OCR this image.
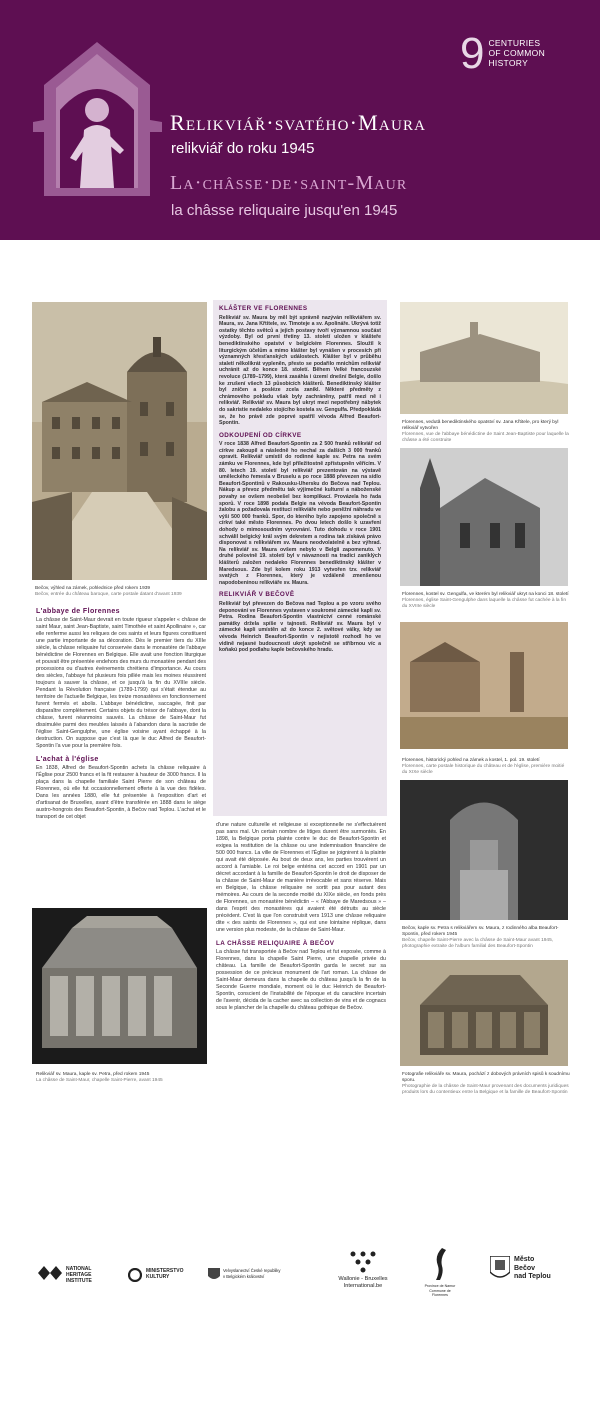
9 CENTURIES
OF COMMON
HISTORY
Relikviář·svatého·Maura
relikviář do roku 1945
La·châsse·de·saint-Maur
la châsse reliquaire jusqu'en 1945
Bečov, výhled na zámek, pohlednice před rokem 1939
Bečov, entrée du château baroque, carte postale datant d'avant 1939
L'abbaye de Florennes

La châsse de Saint-Maur devrait en toute rigueur s'appeler « châsse de saint Maur, saint Jean-Baptiste, saint Timothée et saint Apollinaire », car elle renferme aussi les reliques de ces saints et leurs figures constituent une partie importante de sa décoration. Dès le premier tiers du XIIIe siècle, la châsse reliquaire fut conservée dans le monastère de l'abbaye bénédictine de Florennes en Belgique. Elle avait une fonction liturgique et pouvait être présentée endehors des murs du monastère pendant des processions ou d'autres événements chrétiens d'importance. Au cours des siècles, l'abbaye fut plusieurs fois pillée mais les moines réussirent toujours à sauver la châsse, et ce jusqu'à la fin du XVIIIe siècle. Pendant la Révolution française (1789-1799) qui s'était étendue au territoire de l'actuelle Belgique, les treize monastères en fonctionnement furent fermés et abolis. L'abbaye bénédictine, saccagée, finit par disparaître complètement. Certains objets du trésor de l'abbaye, dont la châsse, furent néanmoins sauvés. La châsse de Saint-Maur fut dissimulée parmi des meubles laissés à l'abandon dans la sacristie de l'église Saint-Gengulphe, une église voisine ayant échappé à la destruction. On suppose que c'est là que le duc Alfred de Beaufort-Spontin l'a vue pour la première fois.

L'achat à l'église

En 1838, Alfred de Beaufort-Spontin achets la châsse reliquaire à l'Église pour 2500 francs et la fit restaurer à hauteur de 3000 francs. Il la plaça dans la chapelle familiale Saint Pierre de son château de Florennes, où elle fut occasionnellement offerte à la vue des fidèles. Dans les années 1880, elle fut présentée à l'exposition d'art et d'artisanat de Bruxelles, avant d'être transférée en 1888 dans le siège austro-hongrois des Beaufort-Spontin, à Bečov nad Teplou. L'achat et le transport de cet objet

Relikviář sv. Maura, kaple sv. Petra, před rokem 1945
La châsse de Saint-Maur, chapelle Saint-Pierre, avant 1945
KLÁŠTER VE FLORENNES

Relikviář sv. Maura by měl být správně nazýván relikviářem sv. Maura, sv. Jana Křtitele, sv. Timoteje a sv. Apolináře. Ukrývá totiž ostatky těchto světců a jejich postavy tvoří významnou součást výzdoby. Byl od první třetiny 13. století uložen v klášteře benediktinského opatství v belgickém Florennes. Sloužil k liturgickým účelům a mimo klášter byl vynášen v procesích při významných křesťanských událostech. Klášter byl v průběhu staletí několikrát vypleněn, přesto se podařilo mnichům relikviář uchránit až do konce 18. století. Během Velké francouzské revoluce (1789–1799), která zasáhla i území dnešní Belgie, došlo ke zrušení všech 13 působících klášterů. Benediktinský klášter byl zničen a posléze zcela zanikl. Některé předměty z chrámového pokladu však byly zachráněny, patřil mezi ně i relikviář. Relikviář sv. Maura byl ukryt mezi nepotřebný nábytek do sakristie nedaleko stojícího kostela sv. Gengulfa. Předpokládá se, že ho právě zde poprvé spatřil vévoda Alfred Beaufort-Spontin.

ODKOUPENÍ OD CÍRKVE

V roce 1838 Alfred Beaufort-Spontin za 2 500 franků relikviář od církve zakoupil a následně ho nechal za dalších 3 000 franků opravit. Relikviář umístil do rodinné kaple sv. Petra na svém zámku ve Florennes, kde byl příležitostně zpřístupněn věřícím. V 80. letech 19. století byl relikviář prezentován na výstavě uměleckého řemesla v Bruselu a po roce 1888 převezen na sídlo Beaufort-Spontinů v Rakousku-Uhersku do Bečova nad Teplou. Nákup a převoz předmětu tak výjimečné kulturní a náboženské povahy se ovšem neobešel bez komplikací. Provázela ho řada sporů. V roce 1898 podala Belgie na vévoda Beaufort-Spontin žalobu a požadovala restituci relikviáře nebo peněžní náhradu ve výši 500 000 franků. Spor, do kterého bylo zapojeno společně s církví také město Florennes. Po dvou letech došlo k uzavření dohody o mimosoudním vyrovnání. Tuto dohodu v roce 1901 schválil belgický král svým dekretem a rodina tak získává právo disponovat s relikviářem sv. Maura neodvolatelně a bez výhrad. Na relikviář sv. Maura ovšem nebylo v Belgii zapomenuto. V druhé polovině 19. století byl v návaznosti na tradici zaniklých klášterů založen nedaleko Florennes benediktinský klášter v Maredsous. Zde byl kolem roku 1913 vytvořen tzv. relikviář svatých z Florennes, který je vzdáleně zmenšenou napodobeninou relikviáře sv. Maura.

RELIKVIÁŘ V BEČOVĚ

Relikviář byl převezen do Bečova nad Teplou a po vzoru svého deponování ve Florennes vystaven v soukromé zámecké kapli sv. Petra. Rodina Beaufort-Spontin vlastnictví cenné románské památky držela spíše v tajnosti. Relikviář sv. Maura byl v zámecké kapli umístěn až do konce 2. světové války, kdy se vévoda Heinrich Beaufort-Spontin v nejistotě rozhodl ho ve vidině nejasné budoucnosti ukrýt společně se stříbrnou víc a koňakú pod podlahu kaple bečovského hradu.

d'une nature culturelle et religieuse si exceptionnelle ne s'effectuèrent pas sans mal. Un certain nombre de litiges durent être surmontés. En 1898, la Belgique porta plainte contre le duc de Beaufort-Spontin et exigea la restitution de la châsse ou une indemnisation financière de 500 000 francs. La ville de Florennes et l'Église se joignirent à la plainte qui avait été déposée. Au bout de deux ans, les parties trouvèrent un accord à l'amiable. Le roi belge entérina cet accord en 1901 par un décret accordant à la famille de Beaufort-Spontin le droit de disposer de la châsse de Saint-Maur de manière irrévocable et sans réserve. Mais en Belgique, la châsse reliquaire ne sortit pas pour autant des mémoires. Au cours de la seconde moitié du XIXe siècle, en fonds près de Florennes, un monastère bénédictin – « l'Abbaye de Maredsous » – dans l'esprit des monastères qui avaient été détruits au siècle précédent. C'est là que l'on construisit vers 1913 une châsse reliquaire dite « des saints de Florennes », qui est une lointaine réplique, dans une version plus modeste, de la châsse de Saint-Maur.

LA CHÂSSE RELIQUAIRE À BEČOV

La châsse fut transportée à Bečov nad Teplou et fut exposée, comme à Florennes, dans la chapelle Saint Pierre, une chapelle privée du château. La famille de Beaufort-Spontin garda le secret sur sa possession de ce précieux monument de l'art roman. La châsse de Saint-Maur demeura dans la chapelle du château jusqu'à la fin de la Seconde Guerre mondiale, moment où le duc Heinrich de Beaufort-Spontin, conscient de l'instabilité de l'époque et du caractère incertain de l'avenir, décida de la cacher avec sa collection de vins et de cognacs sous le plancher de la chapelle du château gothique de Bečov.

Florennes, vedută benediktinského opatství sv. Jana Křtitele, pro který byl relikviář vytvořen
Florennes, vue de l'abbaye bénédictine de Saint Jean-Baptiste pour laquelle la châsse a été construite
Florennes, kostel sv. Gengulfa, ve kterém byl relikviář ukryt na konci 18. století
Florennes, église Saint-Gengulphe dans laquelle la châsse fut cachée à la fin du XVIIIe siècle
Florennes, historický pohled na zámek a kostel, 1. pol. 19. století
Florennes, carte postale historique du château et de l'église, première moitié du XIXe siècle
Bečov, kaple sv. Petra s relikviářem sv. Maura, z rodinného alba Beaufort-Spontin, před rokem 1945
Bečov, chapelle Saint-Pierre avec la châsse de Saint-Maur avant 1945, photographie extraite de l'album familial des Beaufort-Spontin
Fotografie relikviáře sv. Maura, pochází z dobových právních spisů k soudnímu sporu.
Photographie de la châsse de Saint-Maur provenant des documents juridiques produits lors du contentieux entre la Belgique et la famille de Beaufort-Spontin
NATIONAL
HERITAGE
INSTITUTE
MINISTERSTVO
KULTURY
Velvyslanectví České republiky
v Belgickém království	Wallonie - Bruxelles
International.be	Province de Namur
Commune de Florennes
Město
Bečov
nad Teplou
